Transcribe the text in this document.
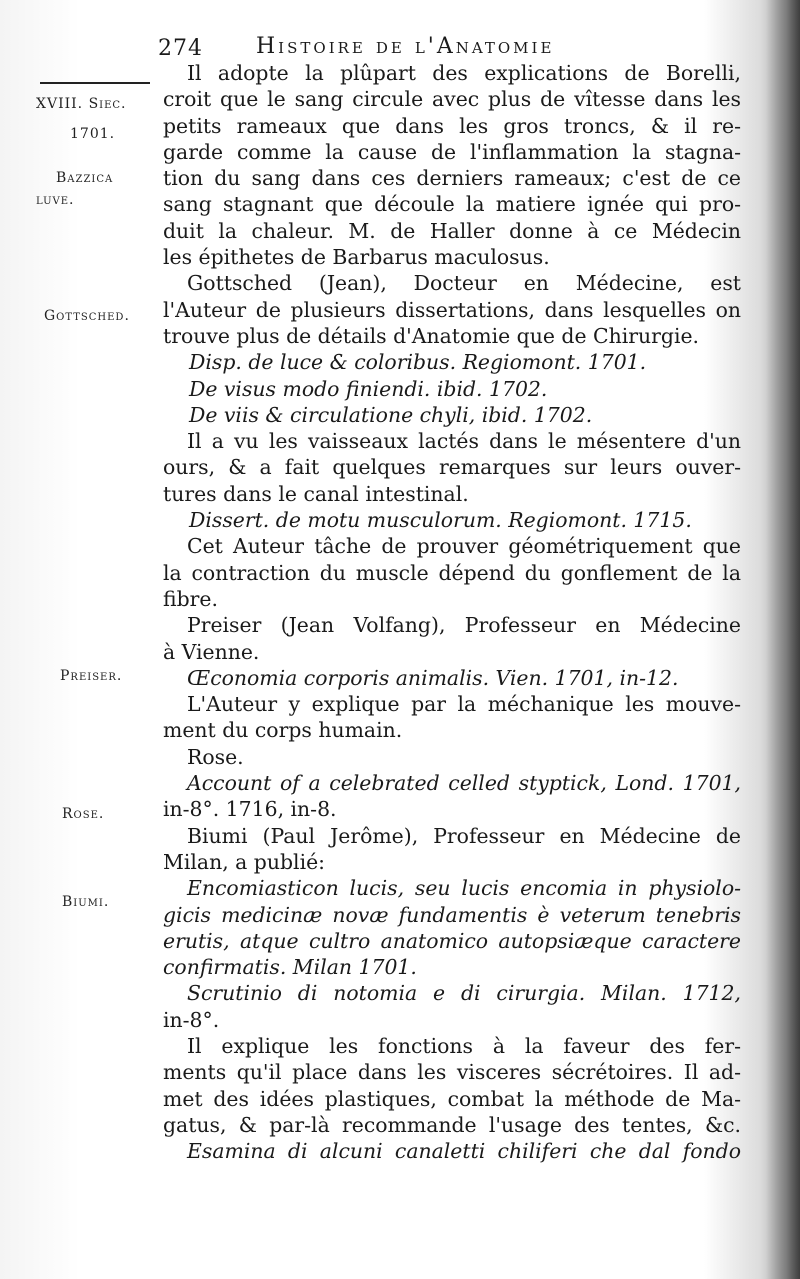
274 Histoire de l'Anatomie
XVIII. Siec.
1701.
Bazzica
luve.
Gottsched.
Preiser.
Rose.
Biumi.
Il adopte la plûpart des explications de Borelli,
croit que le sang circule avec plus de vîtesse dans les
petits rameaux que dans les gros troncs, & il re-
garde comme la cause de l'inflammation la stagna-
tion du sang dans ces derniers rameaux; c'est de ce
sang stagnant que découle la matiere ignée qui pro-
duit la chaleur. M. de Haller donne à ce Médecin
les épithetes de Barbarus maculosus.
Gottsched (Jean), Docteur en Médecine, est
l'Auteur de plusieurs dissertations, dans lesquelles on
trouve plus de détails d'Anatomie que de Chirurgie.
Disp. de luce & coloribus. Regiomont. 1701.
De visus modo finiendi. ibid. 1702.
De viis & circulatione chyli, ibid. 1702.
Il a vu les vaisseaux lactés dans le mésentere d'un
ours, & a fait quelques remarques sur leurs ouver-
tures dans le canal intestinal.
Dissert. de motu musculorum. Regiomont. 1715.
Cet Auteur tâche de prouver géométriquement que
la contraction du muscle dépend du gonflement de la
fibre.
Preiser (Jean Volfang), Professeur en Médecine
à Vienne.
Œconomia corporis animalis. Vien. 1701, in-12.
L'Auteur y explique par la méchanique les mouve-
ment du corps humain.
Rose.
Account of a celebrated celled styptick, Lond. 1701,
in-8°. 1716, in-8.
Biumi (Paul Jerôme), Professeur en Médecine de
Milan, a publié:
Encomiasticon lucis, seu lucis encomia in physiolo-
gicis medicinæ novæ fundamentis è veterum tenebris
erutis, atque cultro anatomico autopsiæque caractere
confirmatis. Milan 1701.
Scrutinio di notomia e di cirurgia. Milan. 1712,
in-8°.
Il explique les fonctions à la faveur des fer-
ments qu'il place dans les visceres sécrétoires. Il ad-
met des idées plastiques, combat la méthode de Ma-
gatus, & par-là recommande l'usage des tentes, &c.
Esamina di alcuni canaletti chiliferi che dal fondo
